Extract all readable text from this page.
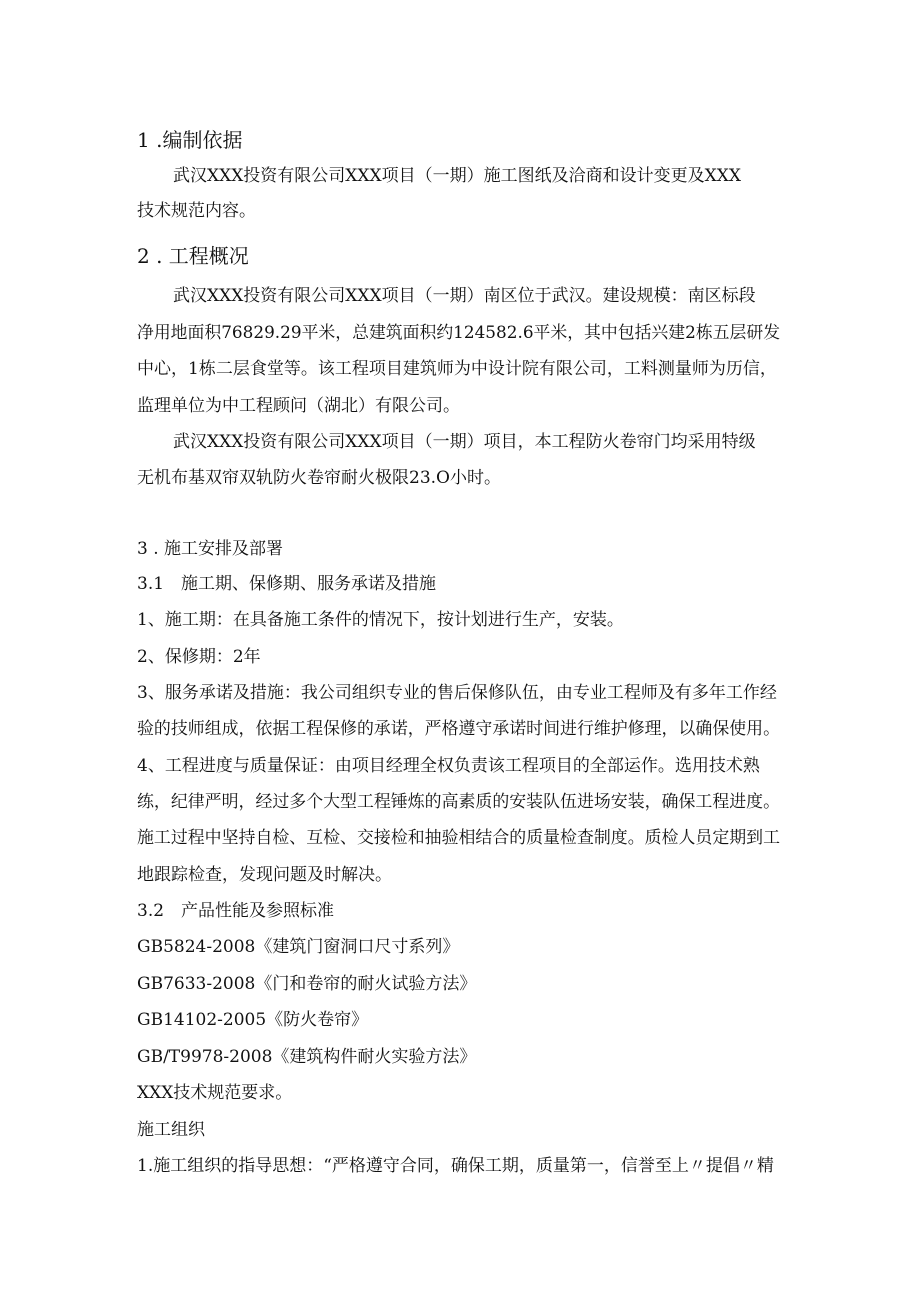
1 .编制依据
武汉XXX投资有限公司XXX项目（一期）施工图纸及洽商和设计变更及XXX
技术规范内容。
2 . 工程概况
武汉XXX投资有限公司XXX项目（一期）南区位于武汉。建设规模：南区标段
净用地面积76829.29平米，总建筑面积约124582.6平米，其中包括兴建2栋五层研发
中心，1栋二层食堂等。该工程项目建筑师为中设计院有限公司，工料测量师为历信，
监理单位为中工程顾问（湖北）有限公司。
武汉XXX投资有限公司XXX项目（一期）项目，本工程防火卷帘门均采用特级
无机布基双帘双轨防火卷帘耐火极限23.O小时。
3 . 施工安排及部署
3.1　施工期、保修期、服务承诺及措施
1、施工期：在具备施工条件的情况下，按计划进行生产，安装。
2、保修期：2年
3、服务承诺及措施：我公司组织专业的售后保修队伍，由专业工程师及有多年工作经
验的技师组成，依据工程保修的承诺，严格遵守承诺时间进行维护修理，以确保使用。
4、工程进度与质量保证：由项目经理全权负责该工程项目的全部运作。选用技术熟
练，纪律严明，经过多个大型工程锤炼的高素质的安装队伍进场安装，确保工程进度。
施工过程中坚持自检、互检、交接检和抽验相结合的质量检查制度。质检人员定期到工
地跟踪检查，发现问题及时解决。
3.2　产品性能及参照标准
GB5824-2008《建筑门窗洞口尺寸系列》
GB7633-2008《门和卷帘的耐火试验方法》
GB14102-2005《防火卷帘》
GB/T9978-2008《建筑构件耐火实验方法》
XXX技术规范要求。
施工组织
1.施工组织的指导思想：“严格遵守合同，确保工期，质量第一，信誉至上〃提倡〃精
